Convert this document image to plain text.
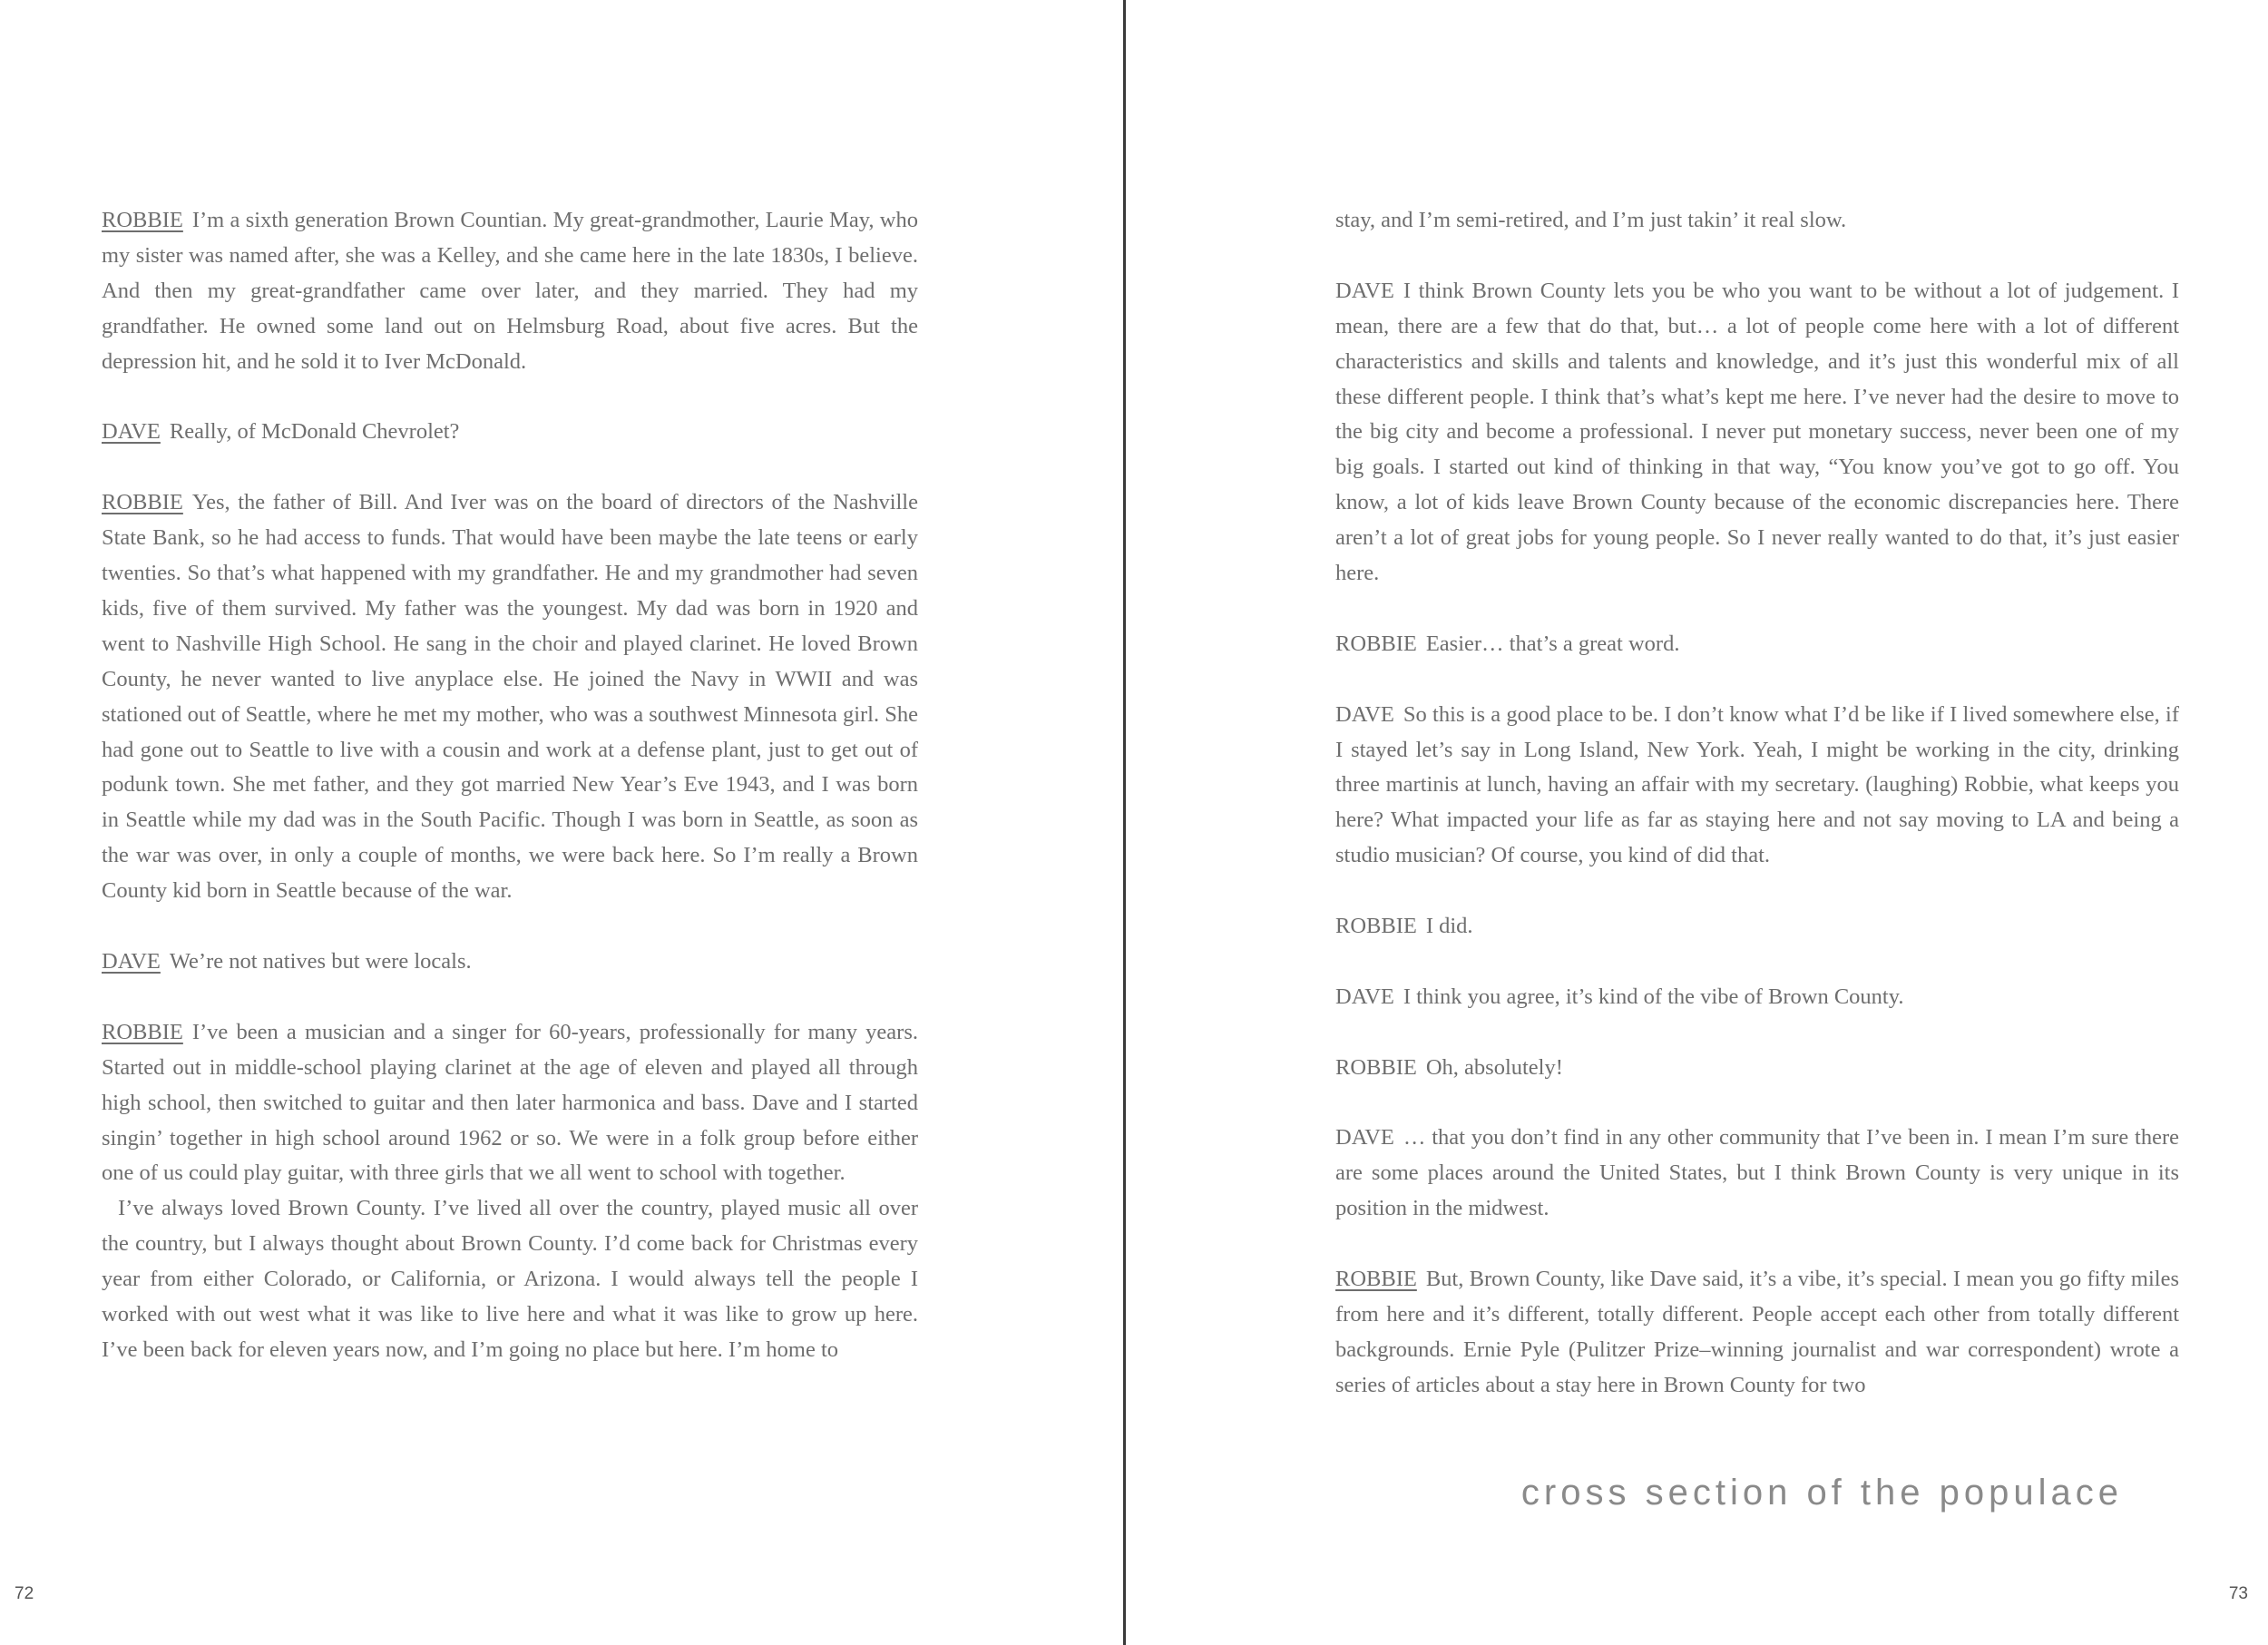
ROBBIE I’m a sixth generation Brown Countian. My great-grandmother, Laurie May, who my sister was named after, she was a Kelley, and she came here in the late 1830s, I believe. And then my great-grandfather came over later, and they married. They had my grandfather. He owned some land out on Helmsburg Road, about five acres. But the depression hit, and he sold it to Iver McDonald.

DAVE Really, of McDonald Chevrolet?

ROBBIE Yes, the father of Bill. And Iver was on the board of directors of the Nashville State Bank, so he had access to funds. That would have been maybe the late teens or early twenties. So that’s what happened with my grandfather. He and my grandmother had seven kids, five of them survived. My father was the youngest. My dad was born in 1920 and went to Nashville High School. He sang in the choir and played clarinet. He loved Brown County, he never wanted to live anyplace else. He joined the Navy in WWII and was stationed out of Seattle, where he met my mother, who was a southwest Minnesota girl. She had gone out to Seattle to live with a cousin and work at a defense plant, just to get out of podunk town. She met father, and they got married New Year’s Eve 1943, and I was born in Seattle while my dad was in the South Pacific. Though I was born in Seattle, as soon as the war was over, in only a couple of months, we were back here. So I’m really a Brown County kid born in Seattle because of the war.

DAVE We’re not natives but were locals.

ROBBIE I’ve been a musician and a singer for 60-years, professionally for many years. Started out in middle-school playing clarinet at the age of eleven and played all through high school, then switched to guitar and then later harmonica and bass. Dave and I started singin’ together in high school around 1962 or so. We were in a folk group before either one of us could play guitar, with three girls that we all went to school with together.

I’ve always loved Brown County. I’ve lived all over the country, played music all over the country, but I always thought about Brown County. I’d come back for Christmas every year from either Colorado, or California, or Arizona. I would always tell the people I worked with out west what it was like to live here and what it was like to grow up here. I’ve been back for eleven years now, and I’m going no place but here. I’m home to

72

stay, and I’m semi-retired, and I’m just takin’ it real slow.

DAVE I think Brown County lets you be who you want to be without a lot of judgement. I mean, there are a few that do that, but… a lot of people come here with a lot of different characteristics and skills and talents and knowledge, and it’s just this wonderful mix of all these different people. I think that’s what’s kept me here. I’ve never had the desire to move to the big city and become a professional. I never put monetary success, never been one of my big goals. I started out kind of thinking in that way, “You know you’ve got to go off. You know, a lot of kids leave Brown County because of the economic discrepancies here. There aren’t a lot of great jobs for young people. So I never really wanted to do that, it’s just easier here.

ROBBIE Easier… that’s a great word.

DAVE So this is a good place to be. I don’t know what I’d be like if I lived somewhere else, if I stayed let’s say in Long Island, New York. Yeah, I might be working in the city, drinking three martinis at lunch, having an affair with my secretary. (laughing) Robbie, what keeps you here? What impacted your life as far as staying here and not say moving to LA and being a studio musician? Of course, you kind of did that.

ROBBIE I did.

DAVE I think you agree, it’s kind of the vibe of Brown County.

ROBBIE Oh, absolutely!

DAVE … that you don’t find in any other community that I’ve been in. I mean I’m sure there are some places around the United States, but I think Brown County is very unique in its position in the midwest.

ROBBIE But, Brown County, like Dave said, it’s a vibe, it’s special. I mean you go fifty miles from here and it’s different, totally different. People accept each other from totally different backgrounds. Ernie Pyle (Pulitzer Prize–winning journalist and war correspondent) wrote a series of articles about a stay here in Brown County for two

cross section of the populace
73
